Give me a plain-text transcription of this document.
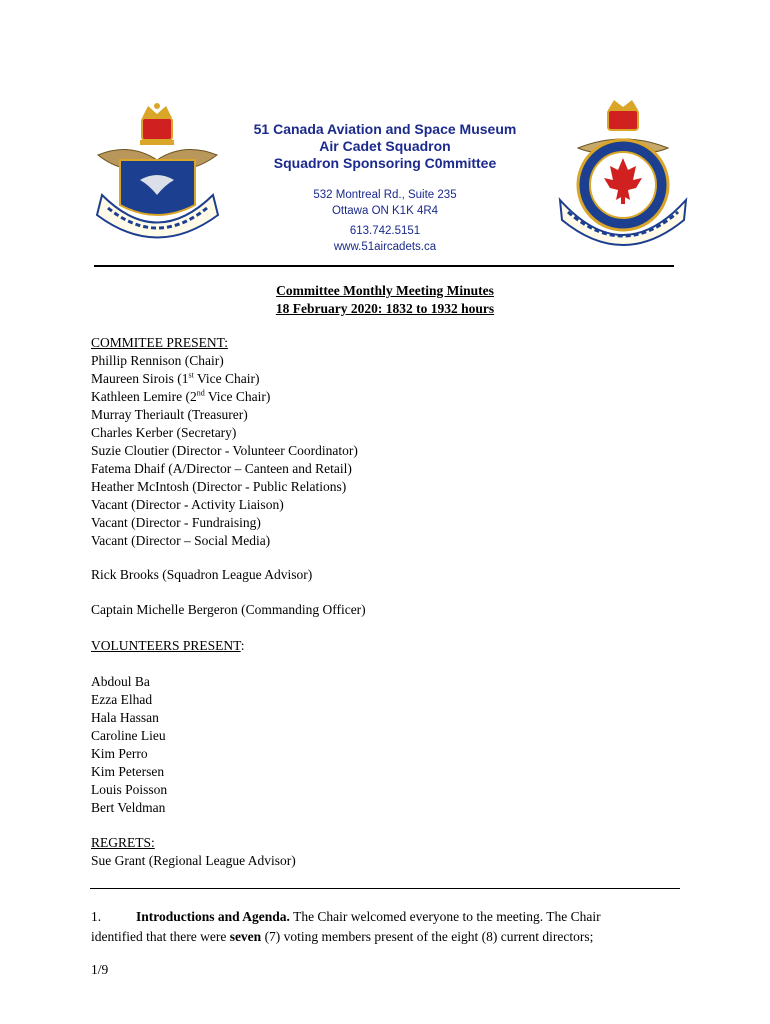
51 Canada Aviation and Space Museum
Air Cadet Squadron
Squadron Sponsoring C0mmittee
532 Montreal Rd., Suite 235
Ottawa ON K1K 4R4
613.742.5151
www.51aircadets.ca
Committee Monthly Meeting Minutes
18 February 2020: 1832 to 1932 hours
COMMITEE PRESENT:
Phillip Rennison (Chair)
Maureen Sirois (1st Vice Chair)
Kathleen Lemire (2nd Vice Chair)
Murray Theriault (Treasurer)
Charles Kerber (Secretary)
Suzie Cloutier (Director - Volunteer Coordinator)
Fatema Dhaif (A/Director – Canteen and Retail)
Heather McIntosh (Director - Public Relations)
Vacant (Director - Activity Liaison)
Vacant (Director - Fundraising)
Vacant (Director – Social Media)
Rick Brooks (Squadron League Advisor)
Captain Michelle Bergeron (Commanding Officer)
VOLUNTEERS PRESENT:
Abdoul Ba
Ezza Elhad
Hala Hassan
Caroline Lieu
Kim Perro
Kim Petersen
Louis Poisson
Bert Veldman
REGRETS:
Sue Grant (Regional League Advisor)
1.	Introductions and Agenda. The Chair welcomed everyone to the meeting. The Chair
identified that there were seven (7) voting members present of the eight (8) current directors;
1/9
